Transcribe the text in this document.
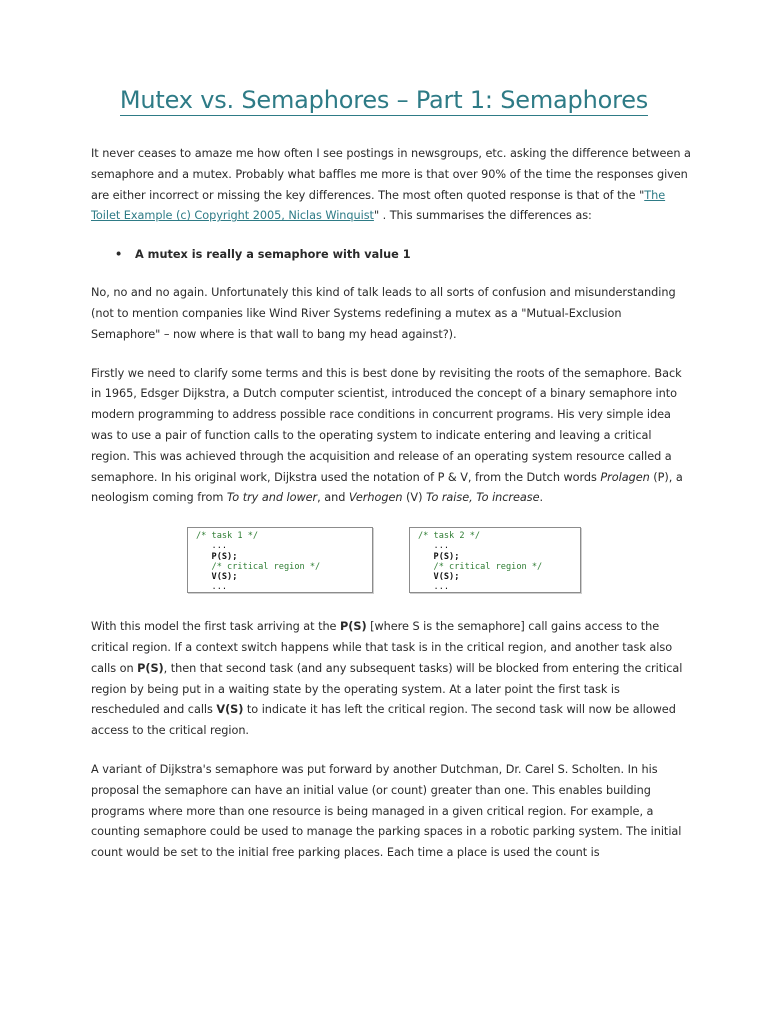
Mutex vs. Semaphores – Part 1: Semaphores

It never ceases to amaze me how often I see postings in newsgroups, etc. asking the difference between a semaphore and a mutex. Probably what baffles me more is that over 90% of the time the responses given are either incorrect or missing the key differences. The most often quoted response is that of the "The Toilet Example (c) Copyright 2005, Niclas Winquist" . This summarises the differences as:

• A mutex is really a semaphore with value 1

No, no and no again. Unfortunately this kind of talk leads to all sorts of confusion and misunderstanding (not to mention companies like Wind River Systems redefining a mutex as a "Mutual-Exclusion Semaphore" – now where is that wall to bang my head against?).

Firstly we need to clarify some terms and this is best done by revisiting the roots of the semaphore. Back in 1965, Edsger Dijkstra, a Dutch computer scientist, introduced the concept of a binary semaphore into modern programming to address possible race conditions in concurrent programs. His very simple idea was to use a pair of function calls to the operating system to indicate entering and leaving a critical region. This was achieved through the acquisition and release of an operating system resource called a semaphore. In his original work, Dijkstra used the notation of P & V, from the Dutch words Prolagen (P), a neologism coming from To try and lower, and Verhogen (V) To raise, To increase.

/* task 1 */
...
P(S);
/* critical region */
V(S);
...
/* task 2 */
...
P(S);
/* critical region */
V(S);
...

With this model the first task arriving at the P(S) [where S is the semaphore] call gains access to the critical region. If a context switch happens while that task is in the critical region, and another task also calls on P(S), then that second task (and any subsequent tasks) will be blocked from entering the critical region by being put in a waiting state by the operating system. At a later point the first task is rescheduled and calls V(S) to indicate it has left the critical region. The second task will now be allowed access to the critical region.

A variant of Dijkstra's semaphore was put forward by another Dutchman, Dr. Carel S. Scholten. In his proposal the semaphore can have an initial value (or count) greater than one. This enables building programs where more than one resource is being managed in a given critical region. For example, a counting semaphore could be used to manage the parking spaces in a robotic parking system. The initial count would be set to the initial free parking places. Each time a place is used the count is
